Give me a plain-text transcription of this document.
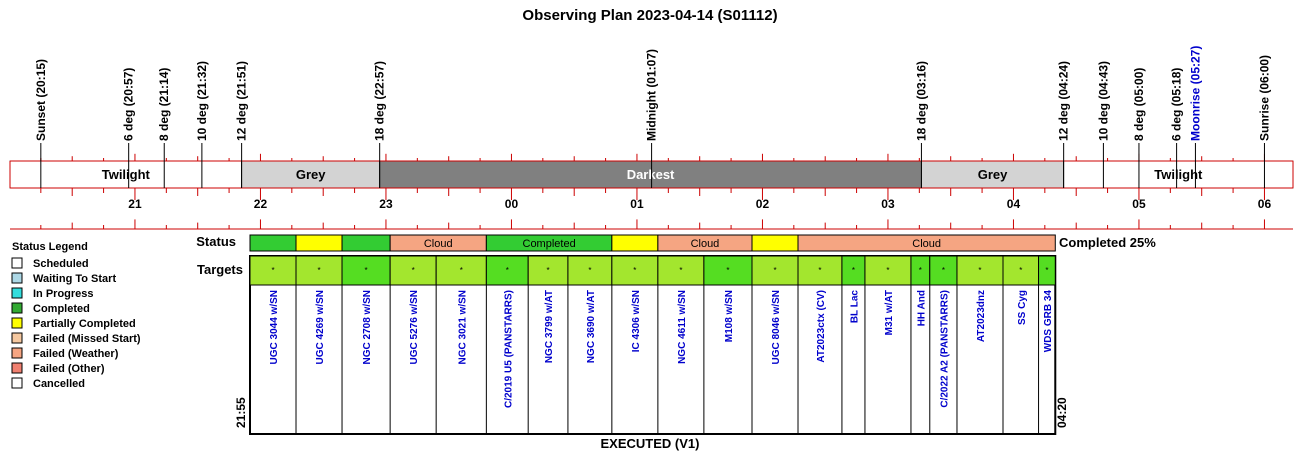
Observing Plan 2023-04-14 (S01112)
Twilight	Grey	Darkest	Grey	Twilight
Sunset (20:15)	6 deg (20:57) 8 deg (21:14) 10 deg (21:32) 12 deg (21:51)	18 deg (22:57)	Midnight (01:07)	18 deg (03:16)	12 deg (04:24) 10 deg (04:43) 8 deg (05:00) 6 deg (05:18) Moonrise (05:27)	Sunrise (06:00)
21	22	23	00	01	02	03	04	05	06
Status
Targets
Completed 25%
Cloud	Completed	Cloud	Cloud
*
UGC 3044 w/SN
*
UGC 4269 w/SN
*
NGC 2708 w/SN
*
UGC 5276 w/SN
*
NGC 3021 w/SN
*
C/2019 U5 (PANSTARRS)
*
NGC 3799 w/AT
*
NGC 3690 w/AT
*
IC 4306 w/SN
*
NGC 4611 w/SN
*
M108 w/SN
*
UGC 8046 w/SN
*
AT2023ctx (CV)
*
BL Lac
*
M31 w/AT
*
HH And
*
C/2022 A2 (PANSTARRS)
*
AT2023dnz
*
SS Cyg
*
WDS GRB 34
21:55	04:20
EXECUTED (V1)
Status Legend
Scheduled
Waiting To Start
In Progress
Completed
Partially Completed
Failed (Missed Start)
Failed (Weather)
Failed (Other)
Cancelled
